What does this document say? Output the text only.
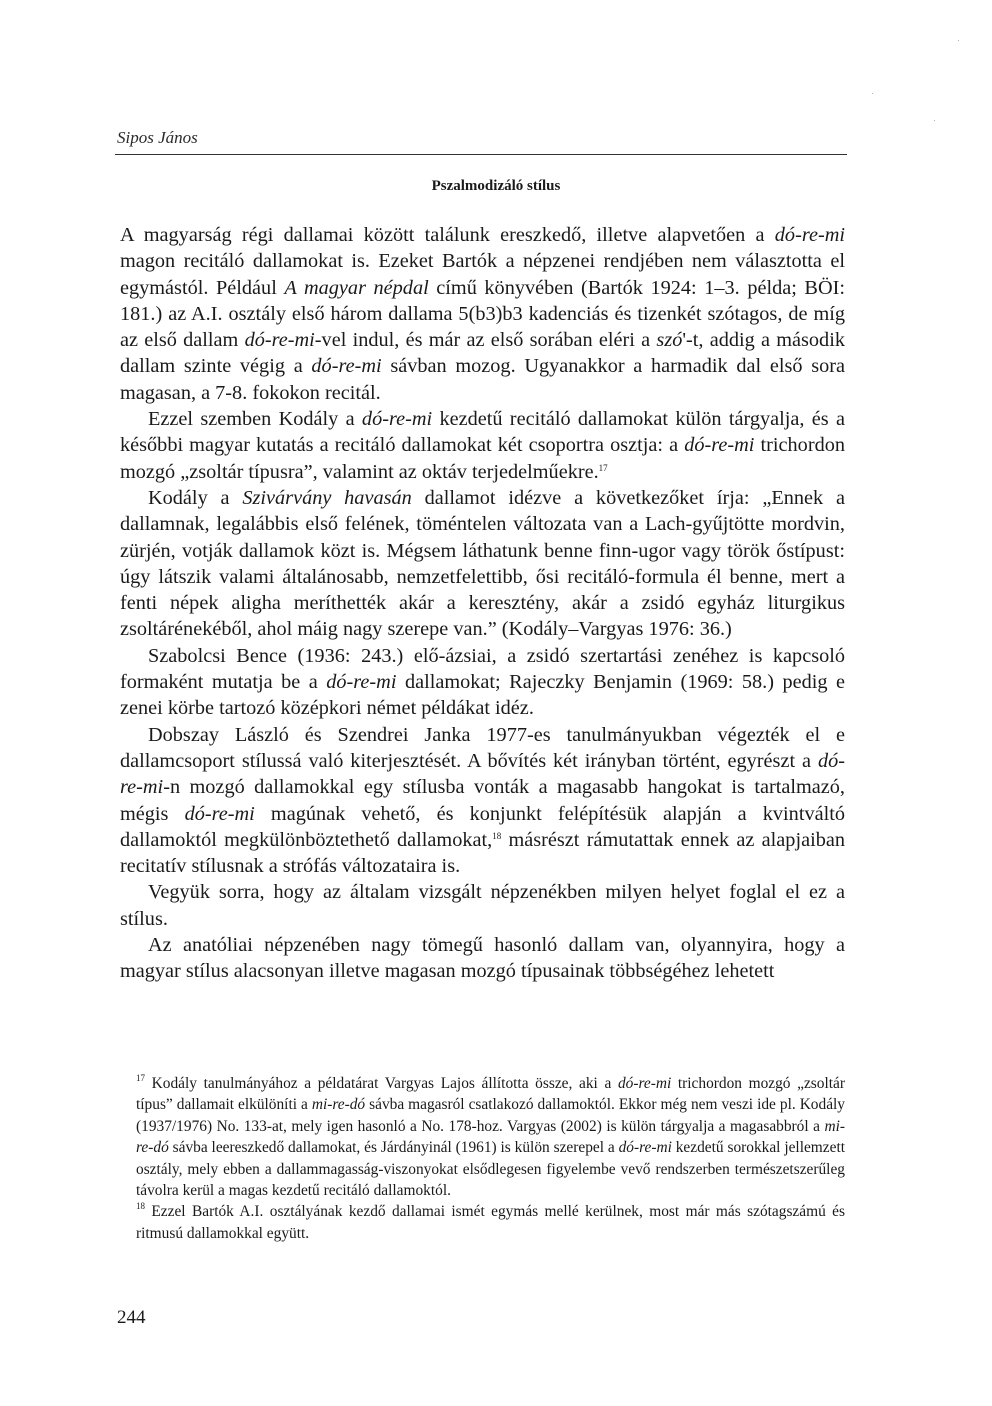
Sipos János
Pszalmodizáló stílus

A magyarság régi dallamai között találunk ereszkedő, illetve alapvetően a dó-re-mi magon recitáló dallamokat is. Ezeket Bartók a népzenei rendjében nem választotta el egymástól. Például A magyar népdal című könyvében (Bartók 1924: 1–3. példa; BÖI: 181.) az A.I. osztály első három dallama 5(b3)b3 kadenciás és tizenkét szótagos, de míg az első dallam dó-re-mi-vel indul, és már az első sorában eléri a szó'-t, addig a második dallam szinte végig a dó-re-mi sávban mozog. Ugyanakkor a harmadik dal első sora magasan, a 7-8. fokokon recitál.

Ezzel szemben Kodály a dó-re-mi kezdetű recitáló dallamokat külön tárgyalja, és a későbbi magyar kutatás a recitáló dallamokat két csoportra osztja: a dó-re-mi trichordon mozgó „zsoltár típusra”, valamint az oktáv terjedelműekre.$^{17}$

Kodály a Szivárvány havasán dallamot idézve a következőket írja: „Ennek a dallamnak, legalábbis első felének, töméntelen változata van a Lach-gyűjtötte mordvin, zürjén, votják dallamok közt is. Mégsem láthatunk benne finn-ugor vagy török őstípust: úgy látszik valami általánosabb, nemzetfelettibb, ősi recitáló-formula él benne, mert a fenti népek aligha meríthették akár a keresztény, akár a zsidó egyház liturgikus zsoltárénekéből, ahol máig nagy szerepe van.” (Kodály–Vargyas 1976: 36.)

Szabolcsi Bence (1936: 243.) elő-ázsiai, a zsidó szertartási zenéhez is kapcsoló formaként mutatja be a dó-re-mi dallamokat; Rajeczky Benjamin (1969: 58.) pedig e zenei körbe tartozó középkori német példákat idéz.

Dobszay László és Szendrei Janka 1977-es tanulmányukban végezték el e dallamcsoport stílussá való kiterjesztését. A bővítés két irányban történt, egyrészt a dó-re-mi-n mozgó dallamokkal egy stílusba vonták a magasabb hangokat is tartalmazó, mégis dó-re-mi magúnak vehető, és konjunkt felépítésük alapján a kvintváltó dallamoktól megkülönböztethető dallamokat,$^{18}$ másrészt rámutattak ennek az alapjaiban recitatív stílusnak a strófás változataira is.

Vegyük sorra, hogy az általam vizsgált népzenékben milyen helyet foglal el ez a stílus.

Az anatóliai népzenében nagy tömegű hasonló dallam van, olyannyira, hogy a magyar stílus alacsonyan illetve magasan mozgó típusainak többségéhez lehetett

$^{17}$ Kodály tanulmányához a példatárat Vargyas Lajos állította össze, aki a dó-re-mi trichordon mozgó „zsoltár típus” dallamait elkülöníti a mi-re-dó sávba magasról csatlakozó dallamoktól. Ekkor még nem veszi ide pl. Kodály (1937/1976) No. 133-at, mely igen hasonló a No. 178-hoz. Vargyas (2002) is külön tárgyalja a magasabbról a mi-re-dó sávba leereszkedő dallamokat, és Járdányinál (1961) is külön szerepel a dó-re-mi kezdetű sorokkal jellemzett osztály, mely ebben a dallammagasság-viszonyokat elsődlegesen figyelembe vevő rendszerben természetszerűleg távolra kerül a magas kezdetű recitáló dallamoktól.

$^{18}$ Ezzel Bartók A.I. osztályának kezdő dallamai ismét egymás mellé kerülnek, most már más szótagszámú és ritmusú dallamokkal együtt.

244
